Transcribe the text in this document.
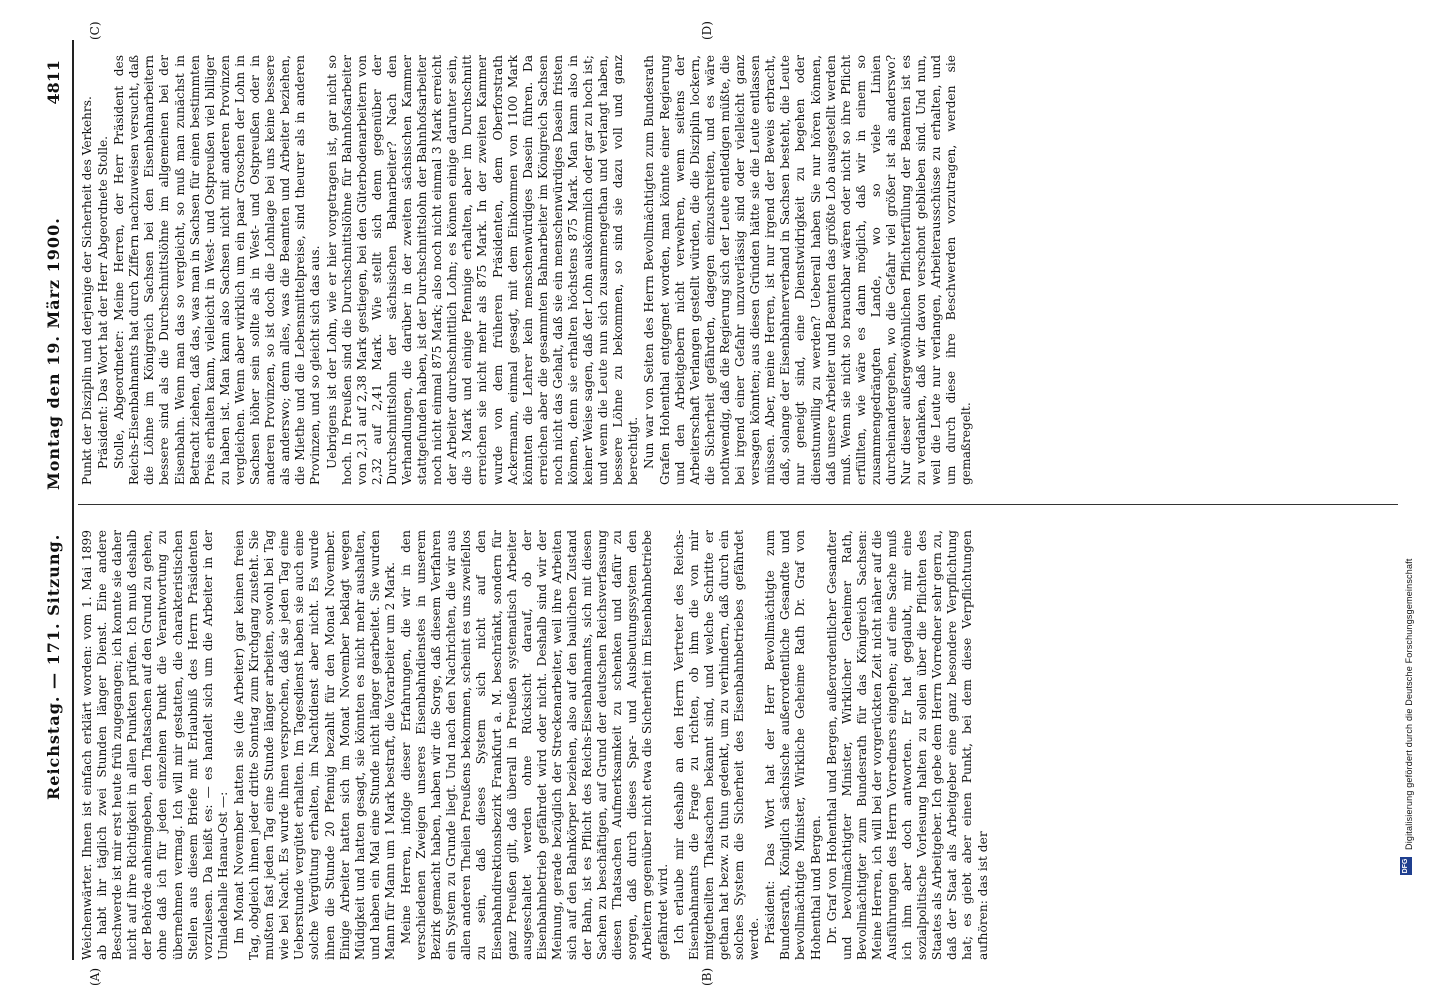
Reichstag. — 171. Sitzung.
Montag den 19. März 1900.
4811
(A)	(B)
(C)	(D)

Weichenwärter. Ihnen ist einfach erklärt worden: vom 1. Mai 1899 ab habt ihr täglich zwei Stunden länger Dienst. Eine andere Beschwerde ist mir erst heute früh zugegangen; ich konnte sie daher nicht auf ihre Richtigkeit in allen Punkten prüfen. Ich muß deshalb der Behörde anheimgeben, den Thatsachen auf den Grund zu gehen, ohne daß ich für jeden einzelnen Punkt die Verantwortung zu übernehmen vermag. Ich will mir gestatten, die charakteristischen Stellen aus diesem Briefe mit Erlaubniß des Herrn Präsidenten vorzulesen. Da heißt es: — es handelt sich um die Arbeiter in der Umladehalle Hanau-Ost —: Im Monat November hatten sie (die Arbeiter) gar keinen freien Tag, obgleich ihnen jeder dritte Sonntag zum Kirchgang zusteht. Sie mußten fast jeden Tag eine Stunde länger arbeiten, sowohl bei Tag wie bei Nacht. Es wurde ihnen versprochen, daß sie jeden Tag eine Ueberstunde vergütet erhalten. Im Tagesdienst haben sie auch eine solche Vergütung erhalten, im Nachtdienst aber nicht. Es wurde ihnen die Stunde 20 Pfennig bezahlt für den Monat November. Einige Arbeiter hatten sich im Monat November beklagt wegen Müdigkeit und hatten gesagt, sie könnten es nicht mehr aushalten, und haben ein Mal eine Stunde nicht länger gearbeitet. Sie wurden Mann für Mann um 1 Mark bestraft, die Vorarbeiter um 2 Mark. Meine Herren, infolge dieser Erfahrungen, die wir in den verschiedenen Zweigen unseres Eisenbahndienstes in unserem Bezirk gemacht haben, haben wir die Sorge, daß diesem Verfahren ein System zu Grunde liegt. Und nach den Nachrichten, die wir aus allen anderen Theilen Preußens bekommen, scheint es uns zweifellos zu sein, daß dieses System sich nicht auf den Eisenbahndirektionsbezirk Frankfurt a. M. beschränkt, sondern für ganz Preußen gilt, daß überall in Preußen systematisch Arbeiter ausgeschaltet werden ohne Rücksicht darauf, ob der Eisenbahnbetrieb gefährdet wird oder nicht. Deshalb sind wir der Meinung, gerade bezüglich der Streckenarbeiter, weil ihre Arbeiten sich auf den Bahnkörper beziehen, also auf den baulichen Zustand der Bahn, ist es Pflicht des Reichs-Eisenbahnamts, sich mit diesen Sachen zu beschäftigen, auf Grund der deutschen Reichsverfassung diesen Thatsachen Aufmerksamkeit zu schenken und dafür zu sorgen, daß durch dieses Spar- und Ausbeutungssystem den Arbeitern gegenüber nicht etwa die Sicherheit im Eisenbahnbetriebe gefährdet wird. Ich erlaube mir deshalb an den Herrn Vertreter des Reichs-Eisenbahnamts die Frage zu richten, ob ihm die von mir mitgetheilten Thatsachen bekannt sind, und welche Schritte er gethan hat bezw. zu thun gedenkt, um zu verhindern, daß durch ein solches System die Sicherheit des Eisenbahnbetriebes gefährdet werde. Präsident: Das Wort hat der Herr Bevollmächtigte zum Bundesrath, Königlich sächsische außerordentliche Gesandte und bevollmächtigte Minister, Wirkliche Geheime Rath Dr. Graf von Hohenthal und Bergen. Dr. Graf von Hohenthal und Bergen, außerordentlicher Gesandter und bevollmächtigter Minister, Wirklicher Geheimer Rath, Bevollmächtigter zum Bundesrath für das Königreich Sachsen: Meine Herren, ich will bei der vorgerückten Zeit nicht näher auf die Ausführungen des Herrn Vorredners eingehen; auf eine Sache muß ich ihm aber doch antworten. Er hat geglaubt, mir eine sozialpolitische Vorlesung halten zu sollen über die Pflichten des Staates als Arbeitgeber. Ich gebe dem Herrn Vorredner sehr gern zu, daß der Staat als Arbeitgeber eine ganz besondere Verpflichtung hat; es giebt aber einen Punkt, bei dem diese Verpflichtungen aufhören: das ist der

Punkt der Disziplin und derjenige der Sicherheit des Verkehrs. Präsident: Das Wort hat der Herr Abgeordnete Stolle. Stolle, Abgeordneter: Meine Herren, der Herr Präsident des Reichs-Eisenbahnamts hat durch Ziffern nachzuweisen versucht, daß die Löhne im Königreich Sachsen bei den Eisenbahnarbeitern bessere sind als die Durchschnittslöhne im allgemeinen bei der Eisenbahn. Wenn man das so vergleicht, so muß man zunächst in Betracht ziehen, daß das, was man in Sachsen für einen bestimmten Preis erhalten kann, vielleicht in West- und Ostpreußen viel billiger zu haben ist. Man kann also Sachsen nicht mit anderen Provinzen vergleichen. Wenn aber wirklich um ein paar Groschen der Lohn in Sachsen höher sein sollte als in West- und Ostpreußen oder in anderen Provinzen, so ist doch die Lohnlage bei uns keine bessere als anderswo; denn alles, was die Beamten und Arbeiter beziehen, die Miethe und die Lebensmittelpreise, sind theurer als in anderen Provinzen, und so gleicht sich das aus. Uebrigens ist der Lohn, wie er hier vorgetragen ist, gar nicht so hoch. In Preußen sind die Durchschnittslöhne für Bahnhofsarbeiter von 2,31 auf 2,38 Mark gestiegen, bei den Güterbodenarbeitern von 2,32 auf 2,41 Mark. Wie stellt sich denn gegenüber der Durchschnittslohn der sächsischen Bahnarbeiter? Nach den Verhandlungen, die darüber in der zweiten sächsischen Kammer stattgefunden haben, ist der Durchschnittslohn der Bahnhofsarbeiter noch nicht einmal 875 Mark; also noch nicht einmal 3 Mark erreicht der Arbeiter durchschnittlich Lohn; es können einige darunter sein, die 3 Mark und einige Pfennige erhalten, aber im Durchschnitt erreichen sie nicht mehr als 875 Mark. In der zweiten Kammer wurde von dem früheren Präsidenten, dem Oberforstrath Ackermann, einmal gesagt, mit dem Einkommen von 1100 Mark könnten die Lehrer kein menschenwürdiges Dasein führen. Da erreichen aber die gesammten Bahnarbeiter im Königreich Sachsen noch nicht das Gehalt, daß sie ein menschenwürdiges Dasein fristen können, denn sie erhalten höchstens 875 Mark. Man kann also in keiner Weise sagen, daß der Lohn auskömmlich oder gar zu hoch ist; und wenn die Leute nun sich zusammengethan und verlangt haben, bessere Löhne zu bekommen, so sind sie dazu voll und ganz berechtigt. Nun war von Seiten des Herrn Bevollmächtigten zum Bundesrath Grafen Hohenthal entgegnet worden, man könnte einer Regierung und den Arbeitgebern nicht verwehren, wenn seitens der Arbeiterschaft Verlangen gestellt würden, die die Disziplin lockern, die Sicherheit gefährden, dagegen einzuschreiten, und es wäre nothwendig, daß die Regierung sich der Leute entledigen müßte, die bei irgend einer Gefahr unzuverlässig sind oder vielleicht ganz versagen könnten; aus diesen Gründen hätte sie die Leute entlassen müssen. Aber, meine Herren, ist nur irgend der Beweis erbracht, daß, solange der Eisenbahnerverband in Sachsen besteht, die Leute nur geneigt sind, eine Dienstwidrigkeit zu begehen oder dienstunwillig zu werden? Ueberall haben Sie nur hören können, daß unsere Arbeiter und Beamten das größte Lob ausgestellt werden muß. Wenn sie nicht so brauchbar wären oder nicht so ihre Pflicht erfüllten, wie wäre es dann möglich, daß wir in einem so zusammengedrängten Lande, wo so viele Linien durcheinandergehen, wo die Gefahr viel größer ist als anderswo? Nur dieser außergewöhnlichen Pflichterfüllung der Beamten ist es zu verdanken, daß wir davon verschont geblieben sind. Und nun, weil die Leute nur verlangen, Arbeiterausschüsse zu erhalten, und um durch diese ihre Beschwerden vorzutragen, werden sie gemaßregelt.

DFG
Digitalisierung gefördert durch die Deutsche Forschungsgemeinschaft
